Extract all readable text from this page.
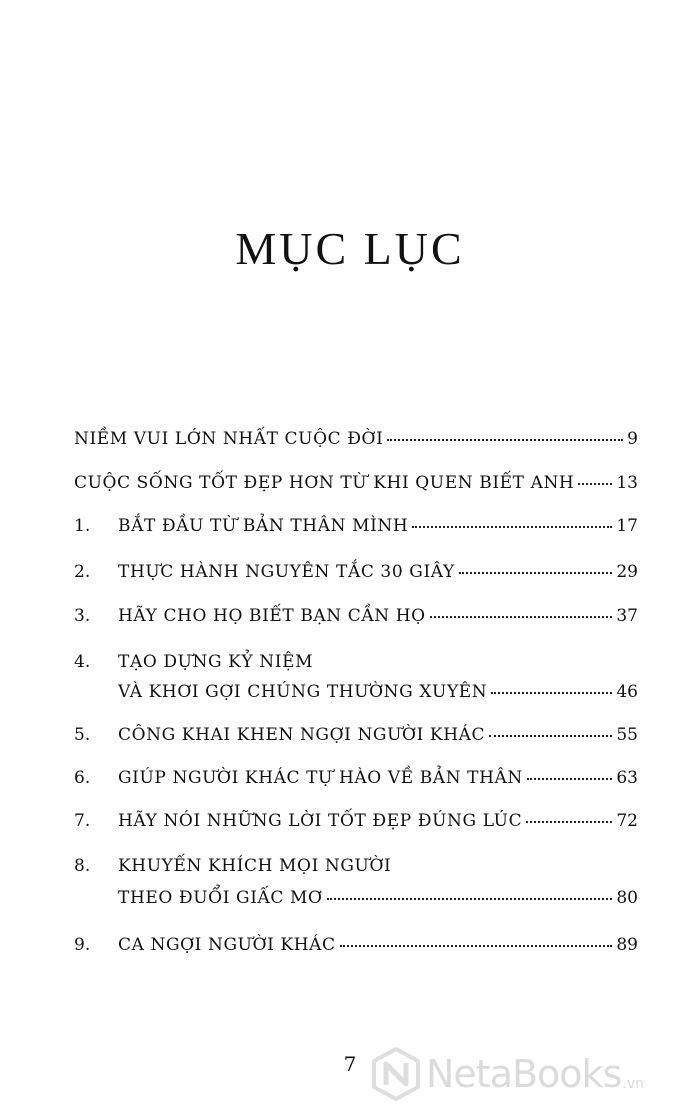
MỤC LỤC
NIỀM VUI LỚN NHẤT CUỘC ĐỜI	9
CUỘC SỐNG TỐT ĐẸP HƠN TỪ KHI QUEN BIẾT ANH 13
1.	BẮT ĐẦU TỪ BẢN THÂN MÌNH	17
2.	THỰC HÀNH NGUYÊN TẮC 30 GIÂY	29
3.	HÃY CHO HỌ BIẾT BẠN CẦN HỌ	37
4.	TẠO DỰNG KỶ NIỆM
VÀ KHƠI GỢI CHÚNG THƯỜNG XUYÊN	46
5.	CÔNG KHAI KHEN NGỢI NGƯỜI KHÁC	55
6.	GIÚP NGƯỜI KHÁC TỰ HÀO VỀ BẢN THÂN	63
7.	HÃY NÓI NHỮNG LỜI TỐT ĐẸP ĐÚNG LÚC	72
8.	KHUYẾN KHÍCH MỌI NGƯỜI
THEO ĐUỔI GIẤC MƠ	80
9.	CA NGỢI NGƯỜI KHÁC	89
7	NetaBooks .vn
